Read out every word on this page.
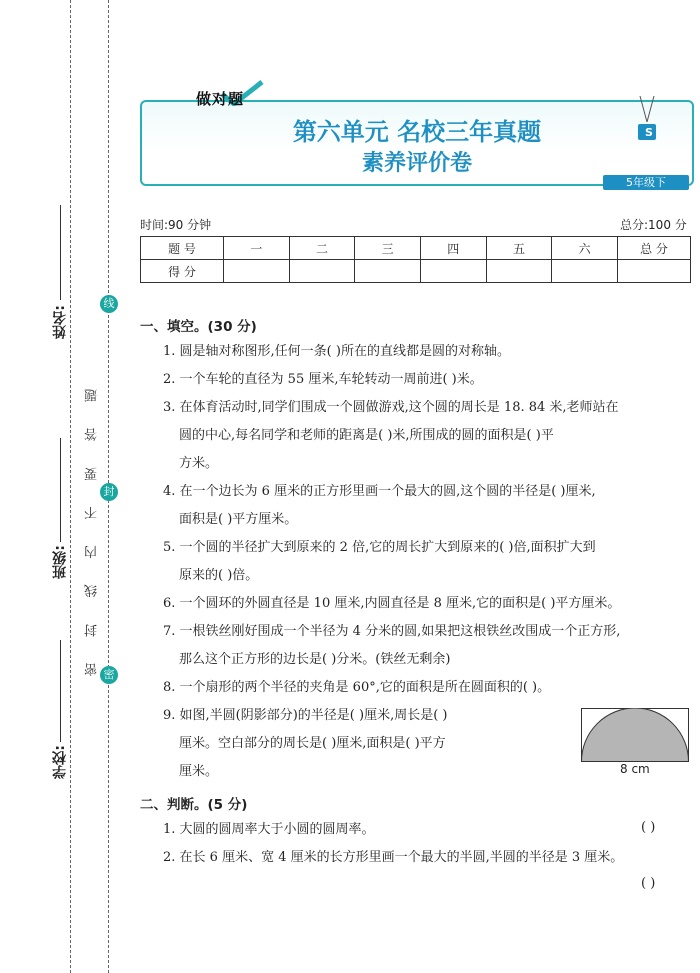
姓名:
班级:
学校:
线
封
密
密 封 线 内 不 要 答 题
第六单元 名校三年真题
素养评价卷
S
做对题
5年级下
时间:90 分钟	总分:100 分
题 号	一	二	三	四	五	六	总 分
得 分							
一、填空。(30 分)
1. 圆是轴对称图形,任何一条( )所在的直线都是圆的对称轴。
2. 一个车轮的直径为 55 厘米,车轮转动一周前进( )米。
3. 在体育活动时,同学们围成一个圆做游戏,这个圆的周长是 18. 84 米,老师站在
圆的中心,每名同学和老师的距离是( )米,所围成的圆的面积是( )平
方米。
4. 在一个边长为 6 厘米的正方形里画一个最大的圆,这个圆的半径是( )厘米,
面积是( )平方厘米。
5. 一个圆的半径扩大到原来的 2 倍,它的周长扩大到原来的( )倍,面积扩大到
原来的( )倍。
6. 一个圆环的外圆直径是 10 厘米,内圆直径是 8 厘米,它的面积是( )平方厘米。
7. 一根铁丝刚好围成一个半径为 4 分米的圆,如果把这根铁丝改围成一个正方形,
那么这个正方形的边长是( )分米。(铁丝无剩余)
8. 一个扇形的两个半径的夹角是 60°,它的面积是所在圆面积的( )。
9. 如图,半圆(阴影部分)的半径是( )厘米,周长是( )
厘米。空白部分的周长是( )厘米,面积是( )平方
厘米。	8 cm
二、判断。(5 分)
1. 大圆的圆周率大于小圆的圆周率。	( )
2. 在长 6 厘米、宽 4 厘米的长方形里画一个最大的半圆,半圆的半径是 3 厘米。
( )
